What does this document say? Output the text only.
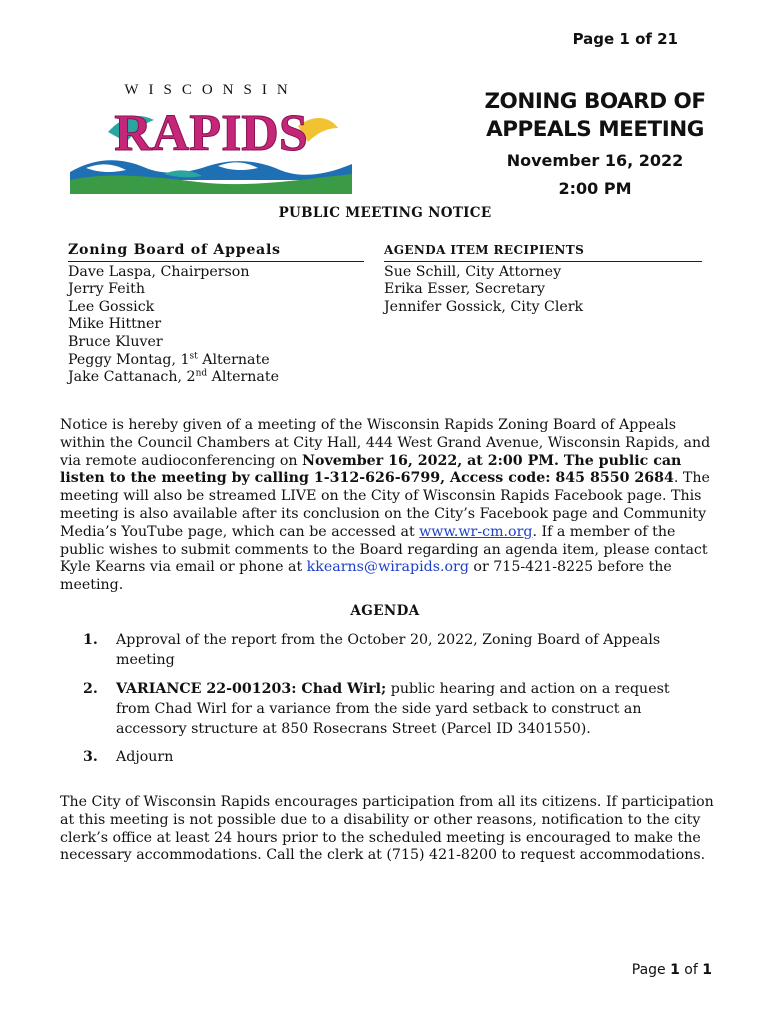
Page 1 of 21
WISCONSIN
RAPIDS
ZONING BOARD OF
APPEALS MEETING
November 16, 2022
2:00 PM
PUBLIC MEETING NOTICE
Zoning Board of Appeals
Dave Laspa, Chairperson
Jerry Feith
Lee Gossick
Mike Hittner
Bruce Kluver
Peggy Montag, 1st Alternate
Jake Cattanach, 2nd Alternate
AGENDA ITEM RECIPIENTS
Sue Schill, City Attorney
Erika Esser, Secretary
Jennifer Gossick, City Clerk
Notice is hereby given of a meeting of the Wisconsin Rapids Zoning Board of Appeals within the Council Chambers at City Hall, 444 West Grand Avenue, Wisconsin Rapids, and via remote audioconferencing on November 16, 2022, at 2:00 PM. The public can listen to the meeting by calling 1-312-626-6799, Access code: 845 8550 2684. The meeting will also be streamed LIVE on the City of Wisconsin Rapids Facebook page. This meeting is also available after its conclusion on the City’s Facebook page and Community Media’s YouTube page, which can be accessed at www.wr-cm.org. If a member of the public wishes to submit comments to the Board regarding an agenda item, please contact Kyle Kearns via email or phone at kkearns@wirapids.org or 715-421-8225 before the meeting.
AGENDA
1. Approval of the report from the October 20, 2022, Zoning Board of Appeals meeting
2. VARIANCE 22-001203: Chad Wirl; public hearing and action on a request from Chad Wirl for a variance from the side yard setback to construct an accessory structure at 850 Rosecrans Street (Parcel ID 3401550).
3. Adjourn
The City of Wisconsin Rapids encourages participation from all its citizens. If participation at this meeting is not possible due to a disability or other reasons, notification to the city clerk’s office at least 24 hours prior to the scheduled meeting is encouraged to make the necessary accommodations. Call the clerk at (715) 421-8200 to request accommodations.
Page 1 of 1
